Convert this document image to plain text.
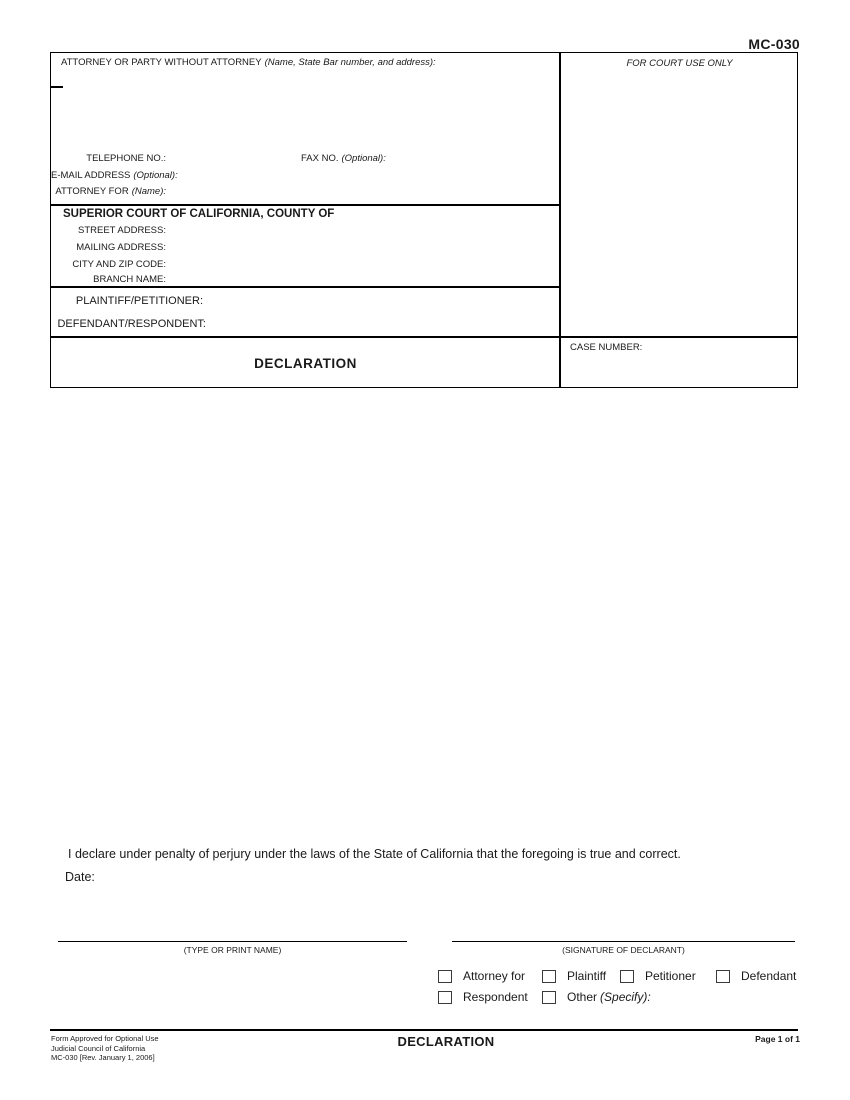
MC-030
ATTORNEY OR PARTY WITHOUT ATTORNEY (Name, State Bar number, and address):
TELEPHONE NO.:	FAX NO. (Optional):
E-MAIL ADDRESS (Optional):
ATTORNEY FOR (Name):
SUPERIOR COURT OF CALIFORNIA, COUNTY OF
STREET ADDRESS:
MAILING ADDRESS:
CITY AND ZIP CODE:
BRANCH NAME:
PLAINTIFF/PETITIONER:
DEFENDANT/RESPONDENT:
DECLARATION
FOR COURT USE ONLY
CASE NUMBER:
I declare under penalty of perjury under the laws of the State of California that the foregoing is true and correct.
Date:
(TYPE OR PRINT NAME)	(SIGNATURE OF DECLARANT)
Attorney for	Plaintiff	Petitioner	Defendant
Respondent	Other (Specify):
Form Approved for Optional Use
Judicial Council of California
MC-030 [Rev. January 1, 2006]
DECLARATION	Page 1 of 1
